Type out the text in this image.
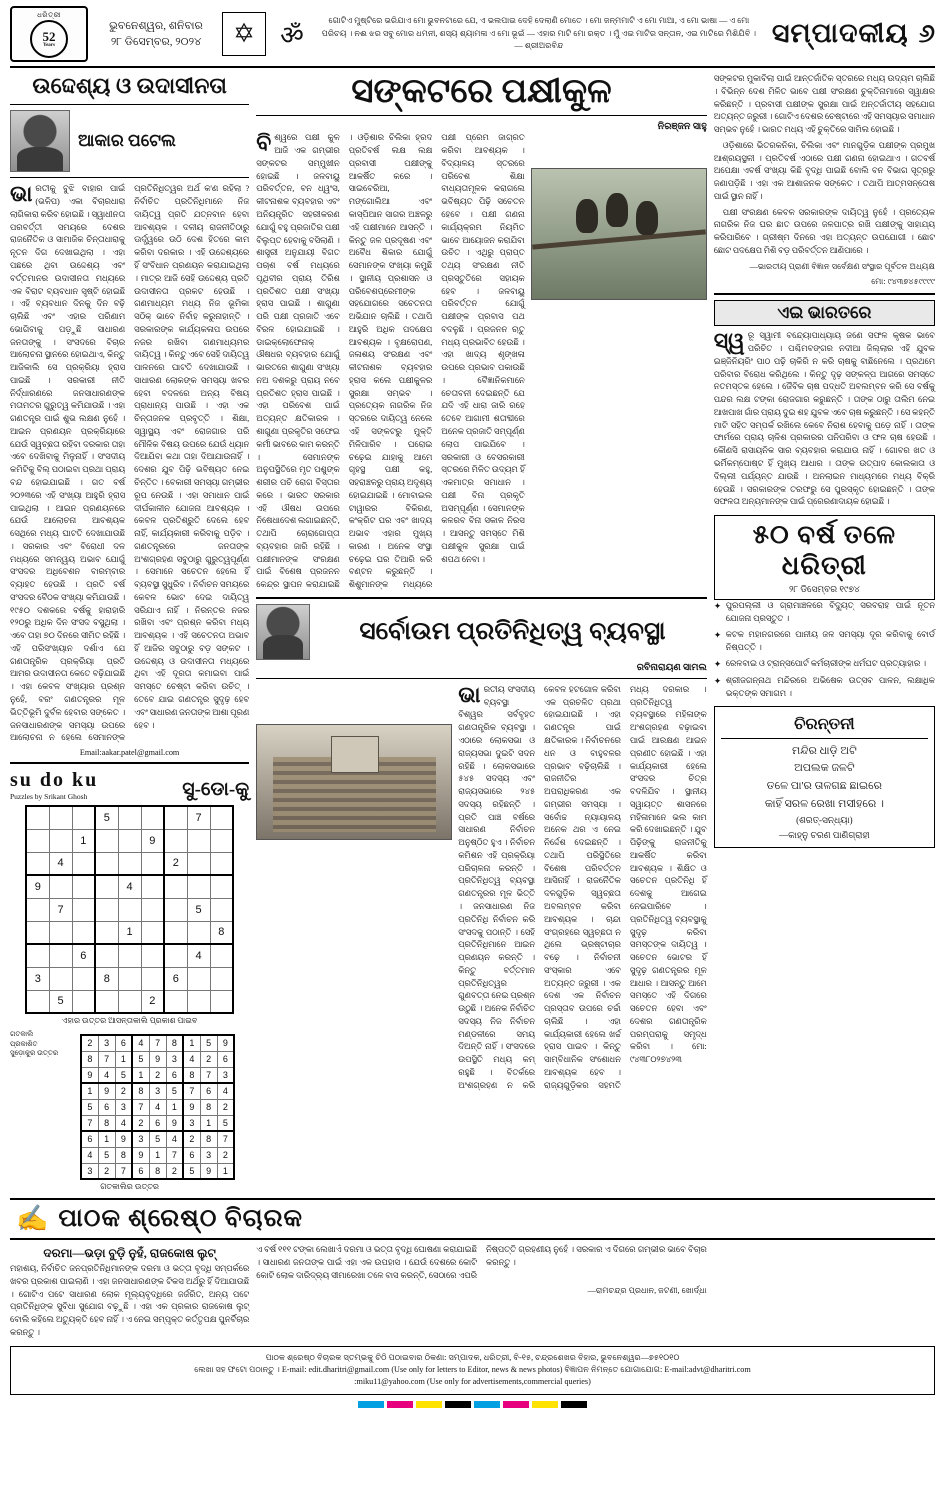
ଧରିତ୍ରୀ
52
Years
ଭୁବନେଶ୍ୱର, ଶନିବାର
୨୮ ଡିସେମ୍ବର, ୨୦୨୪	✡ ॐ
ଗୋଟିଏ ମୁଷ୍ଟିରେ ଭରିଯାଏ ମୋ ଭୁବନଟାରେ ଯେ, ଏ ଭଲପାଇ ଦେହି ଦେଲାଣି ମୋତେ । ମୋ ଜନ୍ମମାଟି ଏ ମୋ ମାଆ, ଏ ମୋ ଭାଷା — ଏ ମୋ ପରିଚୟ । ନଈ ଝର ସବୁ ମୋର ଧମନୀ, ଶସ୍ୟ ଶ୍ୟାମଳା ଏ ମୋ ଭୂଇଁ — ଏହାର ମାଟି ମୋ ରକ୍ତ । ମୁଁ ଏଇ ମାଟିର ସନ୍ତାନ, ଏଇ ମାଟିରେ ମିଶିଯିବି । — ଶ୍ରୀଅରବିନ୍ଦ	ସମ୍ପାଦକୀୟ ୬
ଉଦ୍ଦେଶ୍ୟ ଓ ଉଦାସୀନତା
ଆକାର ପଟେଲ
ଭାରତୀକୁ ବୁଝି ବାହାର ପାଇଁ (ଭଳିପ) ଏକା ବିଚାରଧାରା ଲାଗିକାରା କରିବ ହୋଇଛି । ସ୍ୱାଧୀନତା ପରବର୍ତ୍ତୀ ସମୟରେ ଦେଶର ରାଜନୈତିକ ଓ ସାମାଜିକ ଚିନ୍ତାଧାରାକୁ ନୂତନ ଦିଗ ଦେଖାଇଥିଲା । ଏହା ପଛରେ ଥିବା ଉଦ୍ଦେଶ୍ୟ ଏବଂ ବର୍ତ୍ତମାନର ଉଦାସୀନତା ମଧ୍ୟରେ ଏକ ବିରାଟ ବ୍ୟବଧାନ ସୃଷ୍ଟି ହୋଇଛି । ଏହି ବ୍ୟବଧାନ ଦିନକୁ ଦିନ ବଢ଼ି ଚାଲିଛି ଏବଂ ଏହାର ପରିଣାମ ଭୋଗିବାକୁ ପଡ଼ୁଛି ସାଧାରଣ ଜନତାଙ୍କୁ । ସଂସଦରେ ବିଚାର ଆଲୋଚନା ସ୍ଥାନରେ ହୋଇଥାଏ, କିନ୍ତୁ ଆଜିକାଲି ସେ ପ୍ରକ୍ରିୟା ହ୍ରାସ ପାଇଛି । ସରକାରୀ ନୀତି ନିର୍ଦ୍ଧାରଣରେ ଜନସାଧାରଣଙ୍କ ମତାମତର ଗୁରୁତ୍ୱ କମିଯାଉଛି । ଏହା ଗଣତନ୍ତ୍ର ପାଇଁ ଶୁଭ ଲକ୍ଷଣ ନୁହେଁ । ଆଇନ ପ୍ରଣୟନ ପ୍ରକ୍ରିୟାରେ ଯେଉଁ ସ୍ୱଚ୍ଛତା ରହିବା ଦରକାର ତାହା ଏବେ ଦେଖିବାକୁ ମିଳୁନାହିଁ । ସଂସଦୀୟ କମିଟିକୁ ବିଲ୍ ପଠାଇବା ପ୍ରଥା ପ୍ରାୟ ବନ୍ଦ ହୋଇଯାଇଛି । ଗତ ବର୍ଷ ୨୦୨୩ରେ ଏହି ସଂଖ୍ୟା ଆହୁରି ହ୍ରାସ ପାଇଥିଲା । ଆଇନ ପ୍ରଣୟନରେ ଯେଉଁ ଆଲୋଚନା ଆବଶ୍ୟକ ସେଥିରେ ମଧ୍ୟ ଘାଟତି ଦେଖାଯାଉଛି । ସରକାର ଏବଂ ବିରୋଧୀ ଦଳ ମଧ୍ୟରେ ସମନ୍ୱୟ ଅଭାବ ଯୋଗୁଁ ସଂସଦର ଅଧିବେଶନ ବାରମ୍ବାର ବ୍ୟାହତ ହେଉଛି । ପ୍ରତି ବର୍ଷ ସଂସଦର ବୈଠକ ସଂଖ୍ୟା କମିଯାଉଛି । ୧୯୫୦ ଦଶକରେ ବର୍ଷକୁ ହାରାହାରି ୧୨୦ରୁ ଅଧିକ ଦିନ ସଂସଦ ବସୁଥିଲା । ଏବେ ତାହା ୭୦ ଦିନରେ ସୀମିତ ରହିଛି । ଏହି ପରିସଂଖ୍ୟାନ ଦର୍ଶାଏ ଯେ ଗଣତାନ୍ତ୍ରିକ ପ୍ରକ୍ରିୟା ପ୍ରତି ଆମର ଉଦାସୀନତା କେତେ ବଢ଼ିଯାଇଛି । ଏହା କେବଳ ସଂଖ୍ୟାର ପ୍ରଶ୍ନ ନୁହେଁ, ବରଂ ଗଣତନ୍ତ୍ରର ମୂଳ ଭିତ୍ତିଭୂମି ଦୁର୍ବଳ ହେବାର ସଙ୍କେତ । ଜନସାଧାରଣଙ୍କ ସମସ୍ୟା ଉପରେ ଆଲୋଚନା ନ ହେଲେ ସେମାନଙ୍କ ପ୍ରତିନିଧିତ୍ୱର ଅର୍ଥ କ'ଣ ରହିଲା ? ନିର୍ବାଚିତ ପ୍ରତିନିଧିମାନେ ନିଜ ଦାୟିତ୍ୱ ପ୍ରତି ଯତ୍ନବାନ ହେବା ଆବଶ୍ୟକ । ଦଳୀୟ ରାଜନୀତିଠାରୁ ଊର୍ଦ୍ଧ୍ୱରେ ଉଠି ଦେଶ ହିତରେ କାମ କରିବା ଦରକାର । ଏହି ଉଦ୍ଦେଶ୍ୟରେ ହିଁ ସଂବିଧାନ ପ୍ରଣୟନ କରାଯାଇଥିଲା । ମାତ୍ର ଆଜି ସେହି ଉଦ୍ଦେଶ୍ୟ ପ୍ରତି ଉଦାସୀନତା ପ୍ରକଟ ହେଉଛି । ଗଣମାଧ୍ୟମ ମଧ୍ୟ ନିଜ ଭୂମିକା ସଠିକ୍ ଭାବେ ନିର୍ବାହ କରୁନାହାନ୍ତି । ସରକାରଙ୍କ କାର୍ଯ୍ୟକଳାପ ଉପରେ ନଜର ରଖିବା ଗଣମାଧ୍ୟମର ଦାୟିତ୍ୱ । କିନ୍ତୁ ଏବେ ସେହି ଦାୟିତ୍ୱ ପାଳନରେ ଘାଟତି ଦେଖାଯାଉଛି । ସାଧାରଣ ଲୋକଙ୍କ ସମସ୍ୟା ଖବର ହେବା ବଦଳରେ ଅନ୍ୟ ବିଷୟ ପ୍ରାଧାନ୍ୟ ପାଉଛି । ଏହା ଏକ ଚିନ୍ତାଜନକ ପ୍ରବୃତ୍ତି । ଶିକ୍ଷା, ସ୍ୱାସ୍ଥ୍ୟ ଏବଂ ରୋଜଗାର ପରି ମୌଳିକ ବିଷୟ ଉପରେ ଯେଉଁ ଧ୍ୟାନ ଦିଆଯିବା କଥା ତାହା ଦିଆଯାଉନାହିଁ । ଦେଶର ଯୁବ ପିଢ଼ି ଭବିଷ୍ୟତ ନେଇ ଚିନ୍ତିତ । ବେକାରୀ ସମସ୍ୟା ଗମ୍ଭୀର ରୂପ ନେଉଛି । ଏହା ସମାଧାନ ପାଇଁ ଦୀର୍ଘକାଳୀନ ଯୋଜନା ଆବଶ୍ୟକ । କେବଳ ପ୍ରତିଶ୍ରୁତି ଦେଲେ ହେବ ନାହିଁ, କାର୍ଯ୍ୟକାରୀ କରିବାକୁ ପଡ଼ିବ । ଗଣତନ୍ତ୍ରରେ ଜନତାଙ୍କ ଅଂଶଗ୍ରହଣ ସବୁଠାରୁ ଗୁରୁତ୍ୱପୂର୍ଣ୍ଣ । ସେମାନେ ସଚେତନ ହେଲେ ହିଁ ବ୍ୟବସ୍ଥା ସୁଧୁରିବ । ନିର୍ବାଚନ ସମୟରେ କେବଳ ଭୋଟ ଦେଇ ଦାୟିତ୍ୱ ସରିଯାଏ ନାହିଁ । ନିରନ୍ତର ନଜର ରଖିବା ଏବଂ ପ୍ରଶ୍ନ କରିବା ମଧ୍ୟ ଆବଶ୍ୟକ । ଏହି ସଚେତନତା ଅଭାବ ହିଁ ଆଜିର ସବୁଠାରୁ ବଡ଼ ସଙ୍କଟ । ଉଦ୍ଦେଶ୍ୟ ଓ ଉଦାସୀନତା ମଧ୍ୟରେ ଥିବା ଏହି ଦୂରତା କମାଇବା ପାଇଁ ସମସ୍ତେ ଚେଷ୍ଟା କରିବା ଉଚିତ୍ । ତେବେ ଯାଇ ଗଣତନ୍ତ୍ର ସୁଦୃଢ଼ ହେବ ଏବଂ ସାଧାରଣ ଜନତାଙ୍କ ଆଶା ପୂରଣ ହେବ ।
Email:aakar.patel@gmail.com
su do ku
Puzzles by Srikant Ghosh	ସୁ-ଡୋ-କୁ
			5				7	
		1			9			
	4					2		
9				4				
	7						5	
				1				8
		6					4	
3			8			6		
	5				2			
ଏହାର ଉତ୍ତର ଆସନ୍ତାକାଲି ପ୍ରକାଶ ପାଇବ
ଗତକାଲି ପ୍ରକାଶିତ ସୁଡ଼ୋକୁର ଉତ୍ତର
2	3	6	4	7	8	1	5	9
8	7	1	5	9	3	4	2	6
9	4	5	1	2	6	8	7	3
1	9	2	8	3	5	7	6	4
5	6	3	7	4	1	9	8	2
7	8	4	2	6	9	3	1	5
6	1	9	3	5	4	2	8	7
4	5	8	9	1	7	6	3	2
3	2	7	6	8	2	5	9	1
ଗତକାଲିର ଉତ୍ତର
ସଙ୍କଟରେ ପକ୍ଷୀକୁଳ
ନିରଞ୍ଜନ ସାହୁ
ବିଶ୍ୱରେ ପକ୍ଷୀ କୁଳ ଆଜି ଏକ ଗମ୍ଭୀର ସଙ୍କଟର ସମ୍ମୁଖୀନ ହୋଇଛି । ଜଳବାୟୁ ପରିବର୍ତ୍ତନ, ବନ ଧ୍ୱଂସ, କୀଟନାଶକ ବ୍ୟବହାର ଏବଂ ଅନିୟନ୍ତ୍ରିତ ସହରୀକରଣ ଯୋଗୁଁ ବହୁ ପ୍ରଜାତିର ପକ୍ଷୀ ବିଲୁପ୍ତ ହେବାକୁ ବସିଲାଣି । ଶାସ୍ତ୍ରୀ ଅନୁଯାୟୀ ବିଗତ ପଚାଶ ବର୍ଷ ମଧ୍ୟରେ ପୃଥିବୀର ପ୍ରାୟ ତିରିଶ ପ୍ରତିଶତ ପକ୍ଷୀ ସଂଖ୍ୟା ହ୍ରାସ ପାଇଛି । ଶାଗୁଣା ପରି ପକ୍ଷୀ ପ୍ରଜାତି ଏବେ ବିରଳ ହୋଇଯାଇଛି । ଡାଇକ୍ଲୋଫେନାକ୍ ଔଷଧର ବ୍ୟବହାର ଯୋଗୁଁ ଭାରତରେ ଶାଗୁଣା ସଂଖ୍ୟା ନଅ ଦଶକରୁ ପ୍ରାୟ ନବେ ପ୍ରତିଶତ ହ୍ରାସ ପାଇଛି । ଏହା ପରିବେଶ ପାଇଁ ଅତ୍ୟନ୍ତ କ୍ଷତିକାରକ । ଶାଗୁଣା ପ୍ରକୃତିର ସଫେଇ କର୍ମୀ ଭାବରେ କାମ କରନ୍ତି । ସେମାନଙ୍କ ଅନୁପସ୍ଥିତିରେ ମୃତ ପଶୁଙ୍କ ଶରୀର ପଚି ରୋଗ ବିସ୍ତାର କରେ । ଭାରତ ସରକାର ଏହି ଔଷଧ ଉପରେ ନିଷେଧାଦେଶ ଲଗାଇଛନ୍ତି, ତଥାପି ଚୋରାଗୋପ୍ତା ବ୍ୟବହାର ଜାରି ରହିଛି । ପକ୍ଷୀମାନଙ୍କ ସଂରକ୍ଷଣ ପାଇଁ ବିଶେଷ ପ୍ରଜନନ କେନ୍ଦ୍ର ସ୍ଥାପନ କରାଯାଇଛି । ଓଡ଼ିଶାର ଚିଲିକା ହ୍ରଦ ପ୍ରତିବର୍ଷ ଲକ୍ଷ ଲକ୍ଷ ପ୍ରବାସୀ ପକ୍ଷୀଙ୍କୁ ଆକର୍ଷିତ କରେ । ସାଇବେରିଆ, ମଙ୍ଗୋଲିଆ ଏବଂ କାସ୍ପିଆନ ସାଗର ଅଞ୍ଚଳରୁ ଏହି ପକ୍ଷୀମାନେ ଆସନ୍ତି । କିନ୍ତୁ ଜଳ ପ୍ରଦୂଷଣ ଏବଂ ଅବୈଧ ଶିକାର ଯୋଗୁଁ ସେମାନଙ୍କ ସଂଖ୍ୟା କମୁଛି । ସ୍ଥାନୀୟ ପ୍ରଶାସନ ଓ ପରିବେଶପ୍ରେମୀଙ୍କ ସହଯୋଗରେ ସଚେତନତା ଅଭିଯାନ ଚାଲିଛି । ତଥାପି ଆହୁରି ଅଧିକ ପଦକ୍ଷେପ ଆବଶ୍ୟକ । ବୃକ୍ଷରୋପଣ, ଜଳାଶୟ ସଂରକ୍ଷଣ ଏବଂ କୀଟନାଶକ ବ୍ୟବହାର ହ୍ରାସ କଲେ ପକ୍ଷୀକୁଳର ସୁରକ୍ଷା ସମ୍ଭବ । ପ୍ରତ୍ୟେକ ନାଗରିକ ନିଜ ସ୍ତରରେ ଦାୟିତ୍ୱ ନେଲେ ଏହି ସଙ୍କଟରୁ ମୁକ୍ତି ମିଳିପାରିବ । ଘରୋଇ ଚଢ଼େଇ ଯାହାକୁ ଆମେ ଗୃହସ୍ଥ ପକ୍ଷୀ କହୁ, ସହରାଞ୍ଚଳରୁ ପ୍ରାୟ ଅଦୃଶ୍ୟ ହୋଇଯାଇଛି । ମୋବାଇଲ ଟାୱାରର ବିକିରଣ, କଂକ୍ରିଟ ଘର ଏବଂ ଖାଦ୍ୟ ଅଭାବ ଏହାର ମୁଖ୍ୟ କାରଣ । ଅନେକ ସଂସ୍ଥା ଚଢ଼େଇ ଘର ତିଆରି କରି ବଣ୍ଟନ କରୁଛନ୍ତି । ଶିଶୁମାନଙ୍କ ମଧ୍ୟରେ ପକ୍ଷୀ ପ୍ରେମ ଜାଗ୍ରତ କରିବା ଆବଶ୍ୟକ । ବିଦ୍ୟାଳୟ ସ୍ତରରେ ପରିବେଶ ଶିକ୍ଷା ବାଧ୍ୟତାମୂଳକ କରାଗଲେ ଭବିଷ୍ୟତ ପିଢ଼ି ସଚେତନ ହେବେ । ପକ୍ଷୀ ଗଣନା କାର୍ଯ୍ୟକ୍ରମ ନିୟମିତ ଭାବେ ଆୟୋଜନ କରାଯିବା ଉଚିତ । ଏଥିରୁ ପ୍ରାପ୍ତ ତଥ୍ୟ ସଂରକ୍ଷଣ ନୀତି ପ୍ରସ୍ତୁତିରେ ସହାୟକ ହେବ । ଜଳବାୟୁ ପରିବର୍ତ୍ତନ ଯୋଗୁଁ ପକ୍ଷୀଙ୍କ ପ୍ରବାସ ପଥ ବଦଳୁଛି । ପ୍ରଜନନ ଋତୁ ମଧ୍ୟ ପ୍ରଭାବିତ ହେଉଛି । ଏହା ଖାଦ୍ୟ ଶୃଙ୍ଖଳା ଉପରେ ପ୍ରଭାବ ପକାଉଛି । ବୈଜ୍ଞାନିକମାନେ ଚେତାବନୀ ଦେଇଛନ୍ତି ଯେ ଯଦି ଏହି ଧାରା ଜାରି ରହେ ତେବେ ଆଗାମୀ ଶତାବ୍ଦୀରେ ଅନେକ ପ୍ରଜାତି ସମ୍ପୂର୍ଣ୍ଣ ଲୋପ ପାଇଯିବେ । ସରକାରୀ ଓ ବେସରକାରୀ ସ୍ତରରେ ମିଳିତ ଉଦ୍ୟମ ହିଁ ଏକମାତ୍ର ସମାଧାନ । ପକ୍ଷୀ ବିନା ପ୍ରକୃତି ଅସମ୍ପୂର୍ଣ୍ଣ । ସେମାନଙ୍କ କଳରବ ବିନା ସକାଳ ନିରସ । ଆସନ୍ତୁ ସମସ୍ତେ ମିଶି ପକ୍ଷୀକୁଳ ସୁରକ୍ଷା ପାଇଁ ଶପଥ ନେବା ।
ସର୍ବୋଉମ ପ୍ରତିନିଧିତ୍ୱ ବ୍ୟବସ୍ଥା
ରବିନାରାୟଣ ସାମଲ
ଭାରତୀୟ ସଂସଦୀୟ ବ୍ୟବସ୍ଥା ବିଶ୍ୱର ସର୍ବବୃହତ ଗଣତାନ୍ତ୍ରିକ ବ୍ୟବସ୍ଥା । ଏଠାରେ ଲୋକସଭା ଓ ରାଜ୍ୟସଭା ଦୁଇଟି ସଦନ ରହିଛି । ଲୋକସଭାରେ ୫୪୫ ସଦସ୍ୟ ଏବଂ ରାଜ୍ୟସଭାରେ ୨୪୫ ସଦସ୍ୟ ରହିଛନ୍ତି । ପ୍ରତି ପାଞ୍ଚ ବର୍ଷରେ ସାଧାରଣ ନିର୍ବାଚନ ଅନୁଷ୍ଠିତ ହୁଏ । ନିର୍ବାଚନ କମିଶନ ଏହି ପ୍ରକ୍ରିୟା ପରିଚାଳନା କରନ୍ତି । ପ୍ରତିନିଧିତ୍ୱ ବ୍ୟବସ୍ଥା ଗଣତନ୍ତ୍ରର ମୂଳ ଭିତ୍ତି । ଜନସାଧାରଣ ନିଜ ପ୍ରତିନିଧି ନିର୍ବାଚନ କରି ସଂସଦକୁ ପଠାନ୍ତି । ସେହି ପ୍ରତିନିଧିମାନେ ଆଇନ ପ୍ରଣୟନ କରନ୍ତି । କିନ୍ତୁ ବର୍ତ୍ତମାନ ପ୍ରତିନିଧିତ୍ୱର ଗୁଣବତ୍ତା ନେଇ ପ୍ରଶ୍ନ ଉଠୁଛି । ଅନେକ ନିର୍ବାଚିତ ସଦସ୍ୟ ନିଜ ନିର୍ବାଚନ ମଣ୍ଡଳୀରେ ସମୟ ଦିଅନ୍ତି ନାହିଁ । ସଂସଦରେ ଉପସ୍ଥିତି ମଧ୍ୟ କମ୍ ରହୁଛି । ବିତର୍କରେ ଅଂଶଗ୍ରହଣ ନ କରି କେବଳ ହଟଗୋଳ କରିବା ଏକ ପ୍ରଚଳିତ ପ୍ରଥା ହୋଇଯାଇଛି । ଏହା ଗଣତନ୍ତ୍ର ପାଇଁ କ୍ଷତିକାରକ । ନିର୍ବାଚନରେ ଧନ ଓ ବାହୁବଳର ପ୍ରଭାବ ବଢ଼ିଚାଲିଛି । ରାଜନୀତିର ଅପରାଧିକରଣ ଏକ ଗମ୍ଭୀର ସମସ୍ୟା । ସର୍ବୋଚ୍ଚ ନ୍ୟାୟାଳୟ ଅନେକ ଥର ଏ ନେଇ ନିର୍ଦ୍ଦେଶ ଦେଇଛନ୍ତି । ତଥାପି ପରିସ୍ଥିତିରେ ବିଶେଷ ପରିବର୍ତ୍ତନ ଆସିନାହିଁ । ରାଜନୈତିକ ଦଳଗୁଡ଼ିକ ସ୍ୱଚ୍ଛତା ଅବଲମ୍ବନ କରିବା ଆବଶ୍ୟକ । ଚାନ୍ଦା ସଂଗ୍ରହରେ ସ୍ୱଚ୍ଛତା ନ ଥିଲେ ଭ୍ରଷ୍ଟାଚାର ବଢ଼େ । ନିର୍ବାଚନୀ ସଂସ୍କାର ଏବେ ଅତ୍ୟନ୍ତ ଜରୁରୀ । ଏକ ଦେଶ ଏକ ନିର୍ବାଚନ ପ୍ରସ୍ତାବ ଉପରେ ଚର୍ଚ୍ଚା ଚାଲିଛି । ଏହା କାର୍ଯ୍ୟକାରୀ ହେଲେ ଖର୍ଚ୍ଚ ହ୍ରାସ ପାଇବ । କିନ୍ତୁ ସାମ୍ବିଧାନିକ ସଂଶୋଧନ ଆବଶ୍ୟକ ହେବ । ରାଜ୍ୟଗୁଡ଼ିକର ସହମତି ମଧ୍ୟ ଦରକାର । ପ୍ରତିନିଧିତ୍ୱ ବ୍ୟବସ୍ଥାରେ ମହିଳାଙ୍କ ଅଂଶଗ୍ରହଣ ବଢ଼ାଇବା ପାଇଁ ଆରକ୍ଷଣ ଆଇନ ପ୍ରଣୀତ ହୋଇଛି । ଏହା କାର୍ଯ୍ୟକାରୀ ହେଲେ ସଂସଦର ଚିତ୍ର ବଦଳିଯିବ । ସ୍ଥାନୀୟ ସ୍ୱାୟତ୍ତ ଶାସନରେ ମହିଳାମାନେ ଭଲ କାମ କରି ଦେଖାଇଛନ୍ତି । ଯୁବ ପିଢ଼ିଙ୍କୁ ରାଜନୀତିକୁ ଆକର୍ଷିତ କରିବା ଆବଶ୍ୟକ । ଶିକ୍ଷିତ ଓ ସଚେତନ ପ୍ରତିନିଧି ହିଁ ଦେଶକୁ ଆଗେଇ ନେଇପାରିବେ । ପ୍ରତିନିଧିତ୍ୱ ବ୍ୟବସ୍ଥାକୁ ସୁଦୃଢ଼ କରିବା ସମସ୍ତଙ୍କ ଦାୟିତ୍ୱ । ସଚେତନ ଭୋଟର ହିଁ ସୁଦୃଢ଼ ଗଣତନ୍ତ୍ରର ମୂଳ ଆଧାର । ଆସନ୍ତୁ ଆମେ ସମସ୍ତେ ଏହି ଦିଗରେ ସଚେତନ ହେବା ଏବଂ ଦେଶର ଗଣତାନ୍ତ୍ରିକ ପରମ୍ପରାକୁ ସମୃଦ୍ଧ କରିବା । ମୋ: ୯୪୩୮୦୨୭୪୨୩

ସଙ୍କଟର ମୁକାବିଲା ପାଇଁ ଆନ୍ତର୍ଜାତିକ ସ୍ତରରେ ମଧ୍ୟ ଉଦ୍ୟମ ଚାଲିଛି । ବିଭିନ୍ନ ଦେଶ ମିଳିତ ଭାବେ ପକ୍ଷୀ ସଂରକ୍ଷଣ ଚୁକ୍ତିନାମାରେ ସ୍ୱାକ୍ଷର କରିଛନ୍ତି । ପ୍ରବାସୀ ପକ୍ଷୀଙ୍କ ସୁରକ୍ଷା ପାଇଁ ଅନ୍ତର୍ଜାତୀୟ ସହଯୋଗ ଅତ୍ୟନ୍ତ ଜରୁରୀ । ଗୋଟିଏ ଦେଶର ଚେଷ୍ଟାରେ ଏହି ସମସ୍ୟାର ସମାଧାନ ସମ୍ଭବ ନୁହେଁ । ଭାରତ ମଧ୍ୟ ଏହି ଚୁକ୍ତିରେ ସାମିଲ ହୋଇଛି ।

ଓଡ଼ିଶାରେ ଭିତରକନିକା, ଚିଲିକା ଏବଂ ମାନଗୁଡ଼ିକ ପକ୍ଷୀଙ୍କ ପ୍ରମୁଖ ଆଶ୍ରୟସ୍ଥଳୀ । ପ୍ରତିବର୍ଷ ଏଠାରେ ପକ୍ଷୀ ଗଣନା ହୋଇଥାଏ । ଗତବର୍ଷ ଅପେକ୍ଷା ଏବର୍ଷ ସଂଖ୍ୟା କିଛି ବୃଦ୍ଧି ପାଇଛି ବୋଲି ବନ ବିଭାଗ ସୂତ୍ରରୁ ଜଣାପଡ଼ିଛି । ଏହା ଏକ ଆଶାଜନକ ସଙ୍କେତ । ତଥାପି ଆତ୍ମସନ୍ତୋଷ ପାଇଁ ସ୍ଥାନ ନାହିଁ ।

ପକ୍ଷୀ ସଂରକ୍ଷଣ କେବଳ ସରକାରଙ୍କ ଦାୟିତ୍ୱ ନୁହେଁ । ପ୍ରତ୍ୟେକ ନାଗରିକ ନିଜ ଘର ଛାତ ଉପରେ ଜଳପାତ୍ର ରଖି ପକ୍ଷୀଙ୍କୁ ସାହାଯ୍ୟ କରିପାରିବେ । ଗ୍ରୀଷ୍ମ ଦିନରେ ଏହା ଅତ୍ୟନ୍ତ ଉପଯୋଗୀ । ଛୋଟ ଛୋଟ ପଦକ୍ଷେପ ମିଶି ବଡ଼ ପରିବର୍ତ୍ତନ ଆଣିପାରେ ।

—ଭାରତୀୟ ପ୍ରାଣୀ ବିଜ୍ଞାନ ସର୍ବେକ୍ଷଣ ସଂସ୍ଥାର ପୂର୍ବତନ ଅଧ୍ୟକ୍ଷ
ମୋ: ୯୪୩୭୪୫୯୯୯୯
ଏଇ ଭାରତରେ
ସ୍ୱରୂ ସ୍ୱାମୀ ବନ୍ଦ୍ୟୋପାଧ୍ୟାୟ ଜଣେ ସଫଳ କୃଷକ ଭାବେ ପରିଚିତ । ପଶ୍ଚିମବଙ୍ଗର ନଦୀଆ ଜିଲ୍ଲାର ଏହି ଯୁବକ ଇଞ୍ଜିନିୟରିଂ ପାଠ ପଢ଼ି ଚାକିରି ନ କରି ଚାଷକୁ ବାଛିନେଲେ । ପ୍ରଥମେ ପରିବାର ବିରୋଧ କରିଥିଲେ । କିନ୍ତୁ ଦୃଢ଼ ସଙ୍କଳ୍ପ ଆଗରେ ସମସ୍ତେ ନତମସ୍ତକ ହେଲେ । ଜୈବିକ ଚାଷ ପଦ୍ଧତି ଅବଲମ୍ବନ କରି ସେ ବର୍ଷକୁ ପନ୍ଦର ଲକ୍ଷ ଟଙ୍କା ରୋଜଗାର କରୁଛନ୍ତି । ତାଙ୍କ ଠାରୁ ତାଲିମ ନେଇ ଆଖପାଖ ଗାଁର ପ୍ରାୟ ଦୁଇ ଶହ ଯୁବକ ଏବେ ଚାଷ କରୁଛନ୍ତି । ସେ କହନ୍ତି ମାଟି ସହିତ ସମ୍ପର୍କ ରଖିଲେ କେବେ ନିରାଶ ହେବାକୁ ପଡ଼େ ନାହିଁ । ତାଙ୍କ ଫାର୍ମରେ ପ୍ରାୟ ଚାଳିଶ ପ୍ରକାରର ପନିପରିବା ଓ ଫଳ ଚାଷ ହେଉଛି । କୌଣସି ରାସାୟନିକ ସାର ବ୍ୟବହାର କରାଯାଉ ନାହିଁ । ଗୋବର ଖତ ଓ ଭର୍ମିକମ୍ପୋଷ୍ଟ ହିଁ ମୁଖ୍ୟ ଆଧାର । ତାଙ୍କ ଉତ୍ପାଦ କୋଲକାତା ଓ ଦିଲ୍ଲୀ ପର୍ଯ୍ୟନ୍ତ ଯାଉଛି । ଅନଲାଇନ ମାଧ୍ୟମରେ ମଧ୍ୟ ବିକ୍ରି ହେଉଛି । ସରକାରଙ୍କ ତରଫରୁ ସେ ପୁରସ୍କୃତ ହୋଇଛନ୍ତି । ତାଙ୍କ ସଫଳତା ଅନ୍ୟମାନଙ୍କ ପାଇଁ ପ୍ରେରଣାଦାୟକ ହୋଇଛି ।
୫୦ ବର୍ଷ ତଳେ ଧରିତ୍ରୀ
୨୮ ଡିସେମ୍ବର ୧୯୭୪
✦ ପୁରପଲ୍ଲୀ ଓ ଗ୍ରାମାଞ୍ଚଳରେ ବିଦ୍ୟୁତ୍ ସରବରାହ ପାଇଁ ନୂତନ ଯୋଜନା ପ୍ରସ୍ତୁତ ।
✦ କଟକ ମହାନଗରରେ ପାନୀୟ ଜଳ ସମସ୍ୟା ଦୂର କରିବାକୁ ବୋର୍ଡ ନିଷ୍ପତ୍ତି ।
✦ ରେଳବାଇ ଓ ଟ୍ରାନ୍ସପୋର୍ଟ କର୍ମଚାରୀଙ୍କ ଧର୍ମଘଟ ପ୍ରତ୍ୟାହାର ।
✦ ଶ୍ରୀଜଗନ୍ନାଥ ମନ୍ଦିରରେ ଅଭିଷେକ ଉତ୍ସବ ପାଳନ, ଲକ୍ଷାଧିକ ଭକ୍ତଙ୍କ ସମାଗମ ।
ଚିରନ୍ତନୀ
ମନ୍ଦିର ଧାଡ଼ି ଅଟି
ଅପଲକ ଜଳଟି
ତଳେ ପା'ର ତାଳଗଛ ଛାଇରେ
କାହିଁ ସରଳ ରେଖା ମସୀହରେ ।
(ଶରତ୍-ସନ୍ଧ୍ୟା)
—କାହ୍ନୁ ଚରଣ ପାଣିଗ୍ରାହୀ
✍ ପାଠକ ଶ୍ରେଷ୍ଠ ବିଚାରକ
ଦରମା—ଭଡ଼ା ବୁଡ଼ି ନୁହଁ, ରାଜକୋଷ ଲୁଟ୍
ମହାଶୟ, ନିର୍ବାଚିତ ଜନପ୍ରତିନିଧିମାନଙ୍କ ଦରମା ଓ ଭତ୍ତା ବୃଦ୍ଧି ସମ୍ପର୍କରେ ଖବର ପ୍ରକାଶ ପାଇଲାଣି । ଏହା ଜନସାଧାରଣଙ୍କ ଟିକସ ଅର୍ଥରୁ ହିଁ ଦିଆଯାଉଛି । ଗୋଟିଏ ପଟେ ସାଧାରଣ ଲୋକ ମୂଲ୍ୟବୃଦ୍ଧିରେ ଜର୍ଜରିତ, ଅନ୍ୟ ପଟେ ପ୍ରତିନିଧିଙ୍କ ସୁବିଧା ସୁଯୋଗ ବଢ଼ୁଛି । ଏହା ଏକ ପ୍ରକାର ରାଜକୋଷ ଲୁଟ୍ ବୋଲି କହିଲେ ଅତ୍ୟୁକ୍ତି ହେବ ନାହିଁ । ଏ ନେଇ ସମ୍ପୃକ୍ତ କର୍ତ୍ତୃପକ୍ଷ ପୁନର୍ବିଚାର କରନ୍ତୁ ।
ଏ ବର୍ଷ ୧୧୧ ଟଙ୍କା ଲେଖାଏଁ ଦରମା ଓ ଭତ୍ତା ବୃଦ୍ଧି ଘୋଷଣା କରାଯାଇଛି । ସାଧାରଣ ଜନତାଙ୍କ ପାଇଁ ଏହା ଏକ ଉପହାସ । ଯେଉଁ ଦେଶରେ କୋଟି କୋଟି ଲୋକ ଦାରିଦ୍ର୍ୟ ସୀମାରେଖା ତଳେ ବାସ କରନ୍ତି, ସେଠାରେ ଏପରି ନିଷ୍ପତ୍ତି ଗ୍ରହଣୀୟ ନୁହେଁ । ସରକାର ଏ ଦିଗରେ ଗମ୍ଭୀର ଭାବେ ବିଚାର କରନ୍ତୁ ।
—ରାମଚନ୍ଦ୍ର ପ୍ରଧାନ, ଜଟଣୀ, ଖୋର୍ଦ୍ଧା
ପାଠକ ଶ୍ରେଷ୍ଠ ବିଚାରକ ସ୍ତମ୍ଭକୁ ଚିଠି ପଠାଇବାର ଠିକଣା: ସମ୍ପାଦକ, ଧରିତ୍ରୀ, ବି-୧୫, ଚନ୍ଦ୍ରଶେଖର ବିହାର, ଭୁବନେଶ୍ୱର—୭୫୧୦୧୦
ଲେଖା ସହ ଫଟୋ ପଠାନ୍ତୁ । E-mail: edit.dharitri@gmail.com (Use only for letters to Editor, news & news photos) ବିଜ୍ଞାପନ ନିମନ୍ତେ ଯୋଗାଯୋଗ: E-mail:advt@dharitri.com
:miku11@yahoo.com (Use only for advertisements,commercial queries)
